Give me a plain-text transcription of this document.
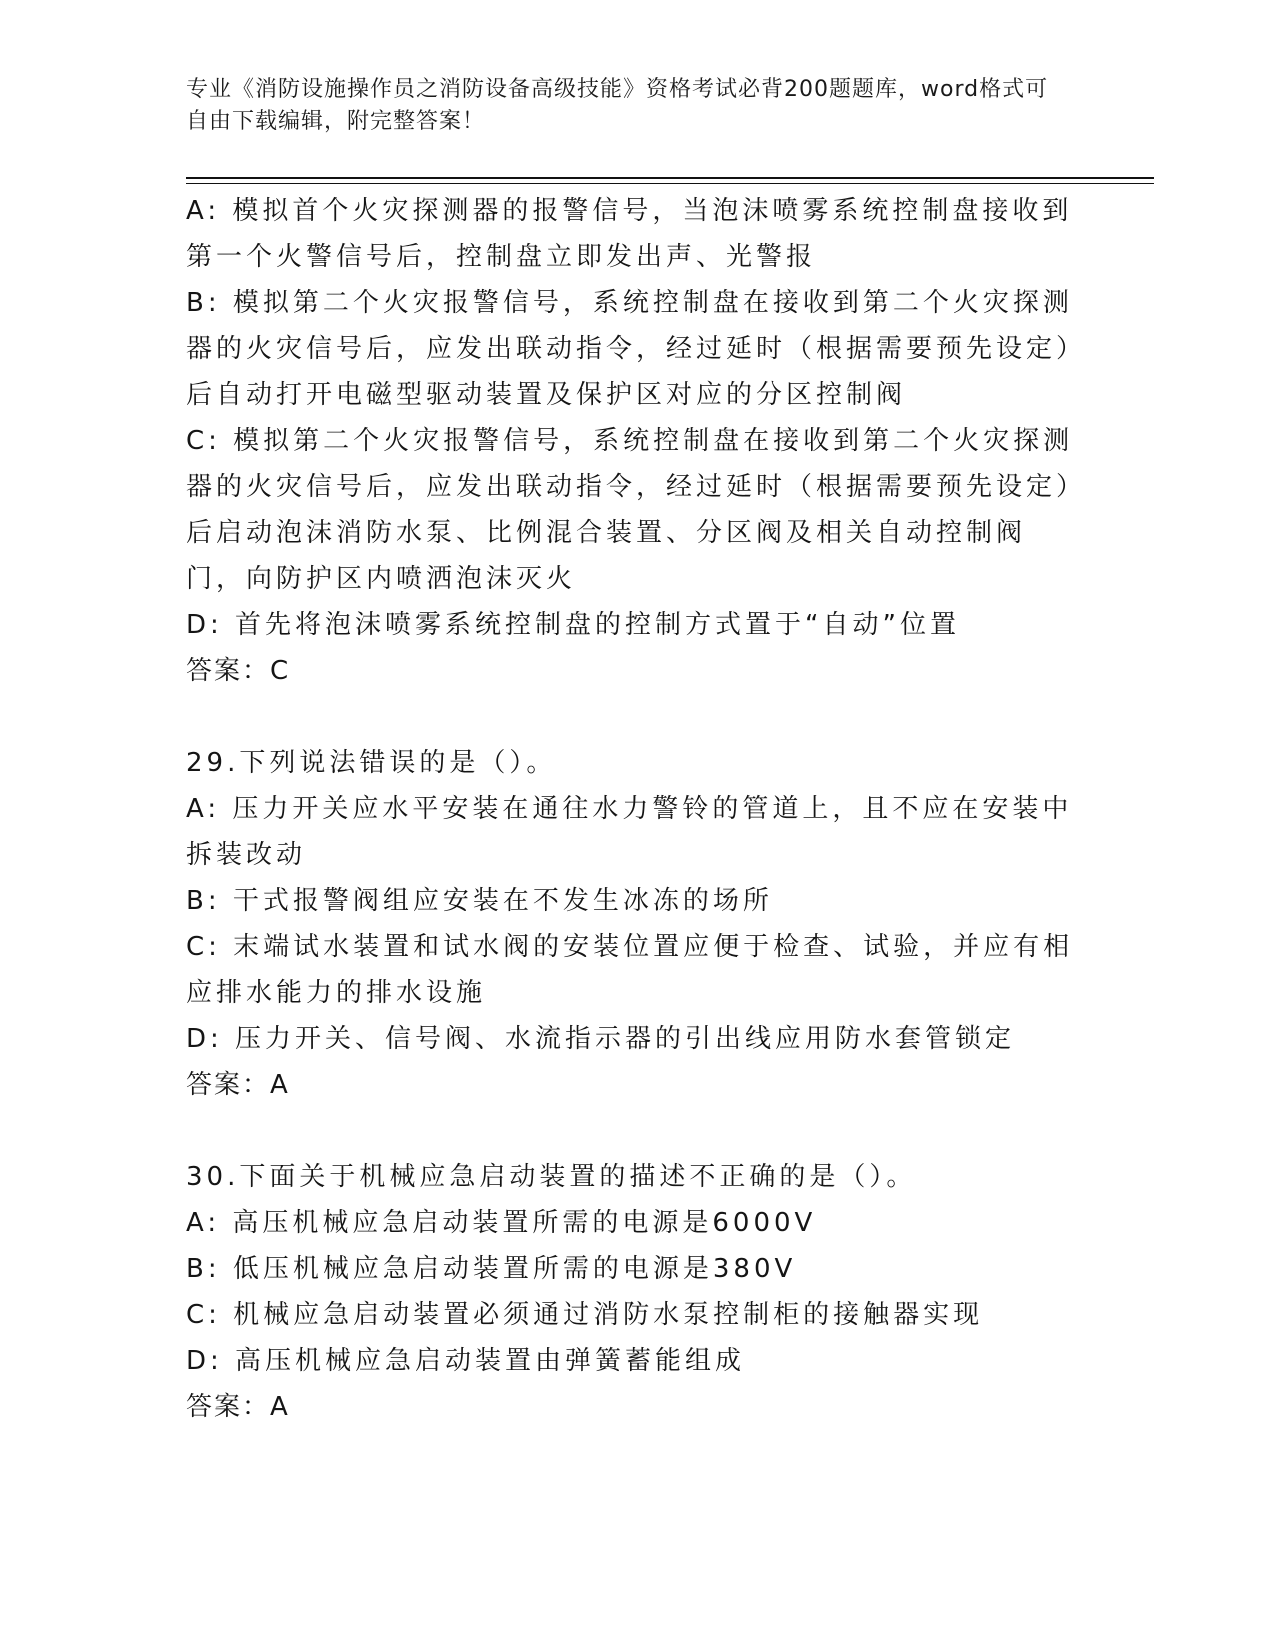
专业《消防设施操作员之消防设备高级技能》资格考试必背200题题库，word格式可自由下载编辑，附完整答案！

A: 模拟首个火灾探测器的报警信号，当泡沫喷雾系统控制盘接收到第一个火警信号后，控制盘立即发出声、光警报

B: 模拟第二个火灾报警信号，系统控制盘在接收到第二个火灾探测器的火灾信号后，应发出联动指令，经过延时（根据需要预先设定）后自动打开电磁型驱动装置及保护区对应的分区控制阀

C: 模拟第二个火灾报警信号，系统控制盘在接收到第二个火灾探测器的火灾信号后，应发出联动指令，经过延时（根据需要预先设定）后启动泡沫消防水泵、比例混合装置、分区阀及相关自动控制阀门，向防护区内喷洒泡沫灭火

D: 首先将泡沫喷雾系统控制盘的控制方式置于“自动”位置

答案：C

29.下列说法错误的是（）。

A: 压力开关应水平安装在通往水力警铃的管道上，且不应在安装中拆装改动

B: 干式报警阀组应安装在不发生冰冻的场所

C: 末端试水装置和试水阀的安装位置应便于检查、试验，并应有相应排水能力的排水设施

D: 压力开关、信号阀、水流指示器的引出线应用防水套管锁定

答案：A

30.下面关于机械应急启动装置的描述不正确的是（）。

A: 高压机械应急启动装置所需的电源是6000V

B: 低压机械应急启动装置所需的电源是380V

C: 机械应急启动装置必须通过消防水泵控制柜的接触器实现

D: 高压机械应急启动装置由弹簧蓄能组成

答案：A
